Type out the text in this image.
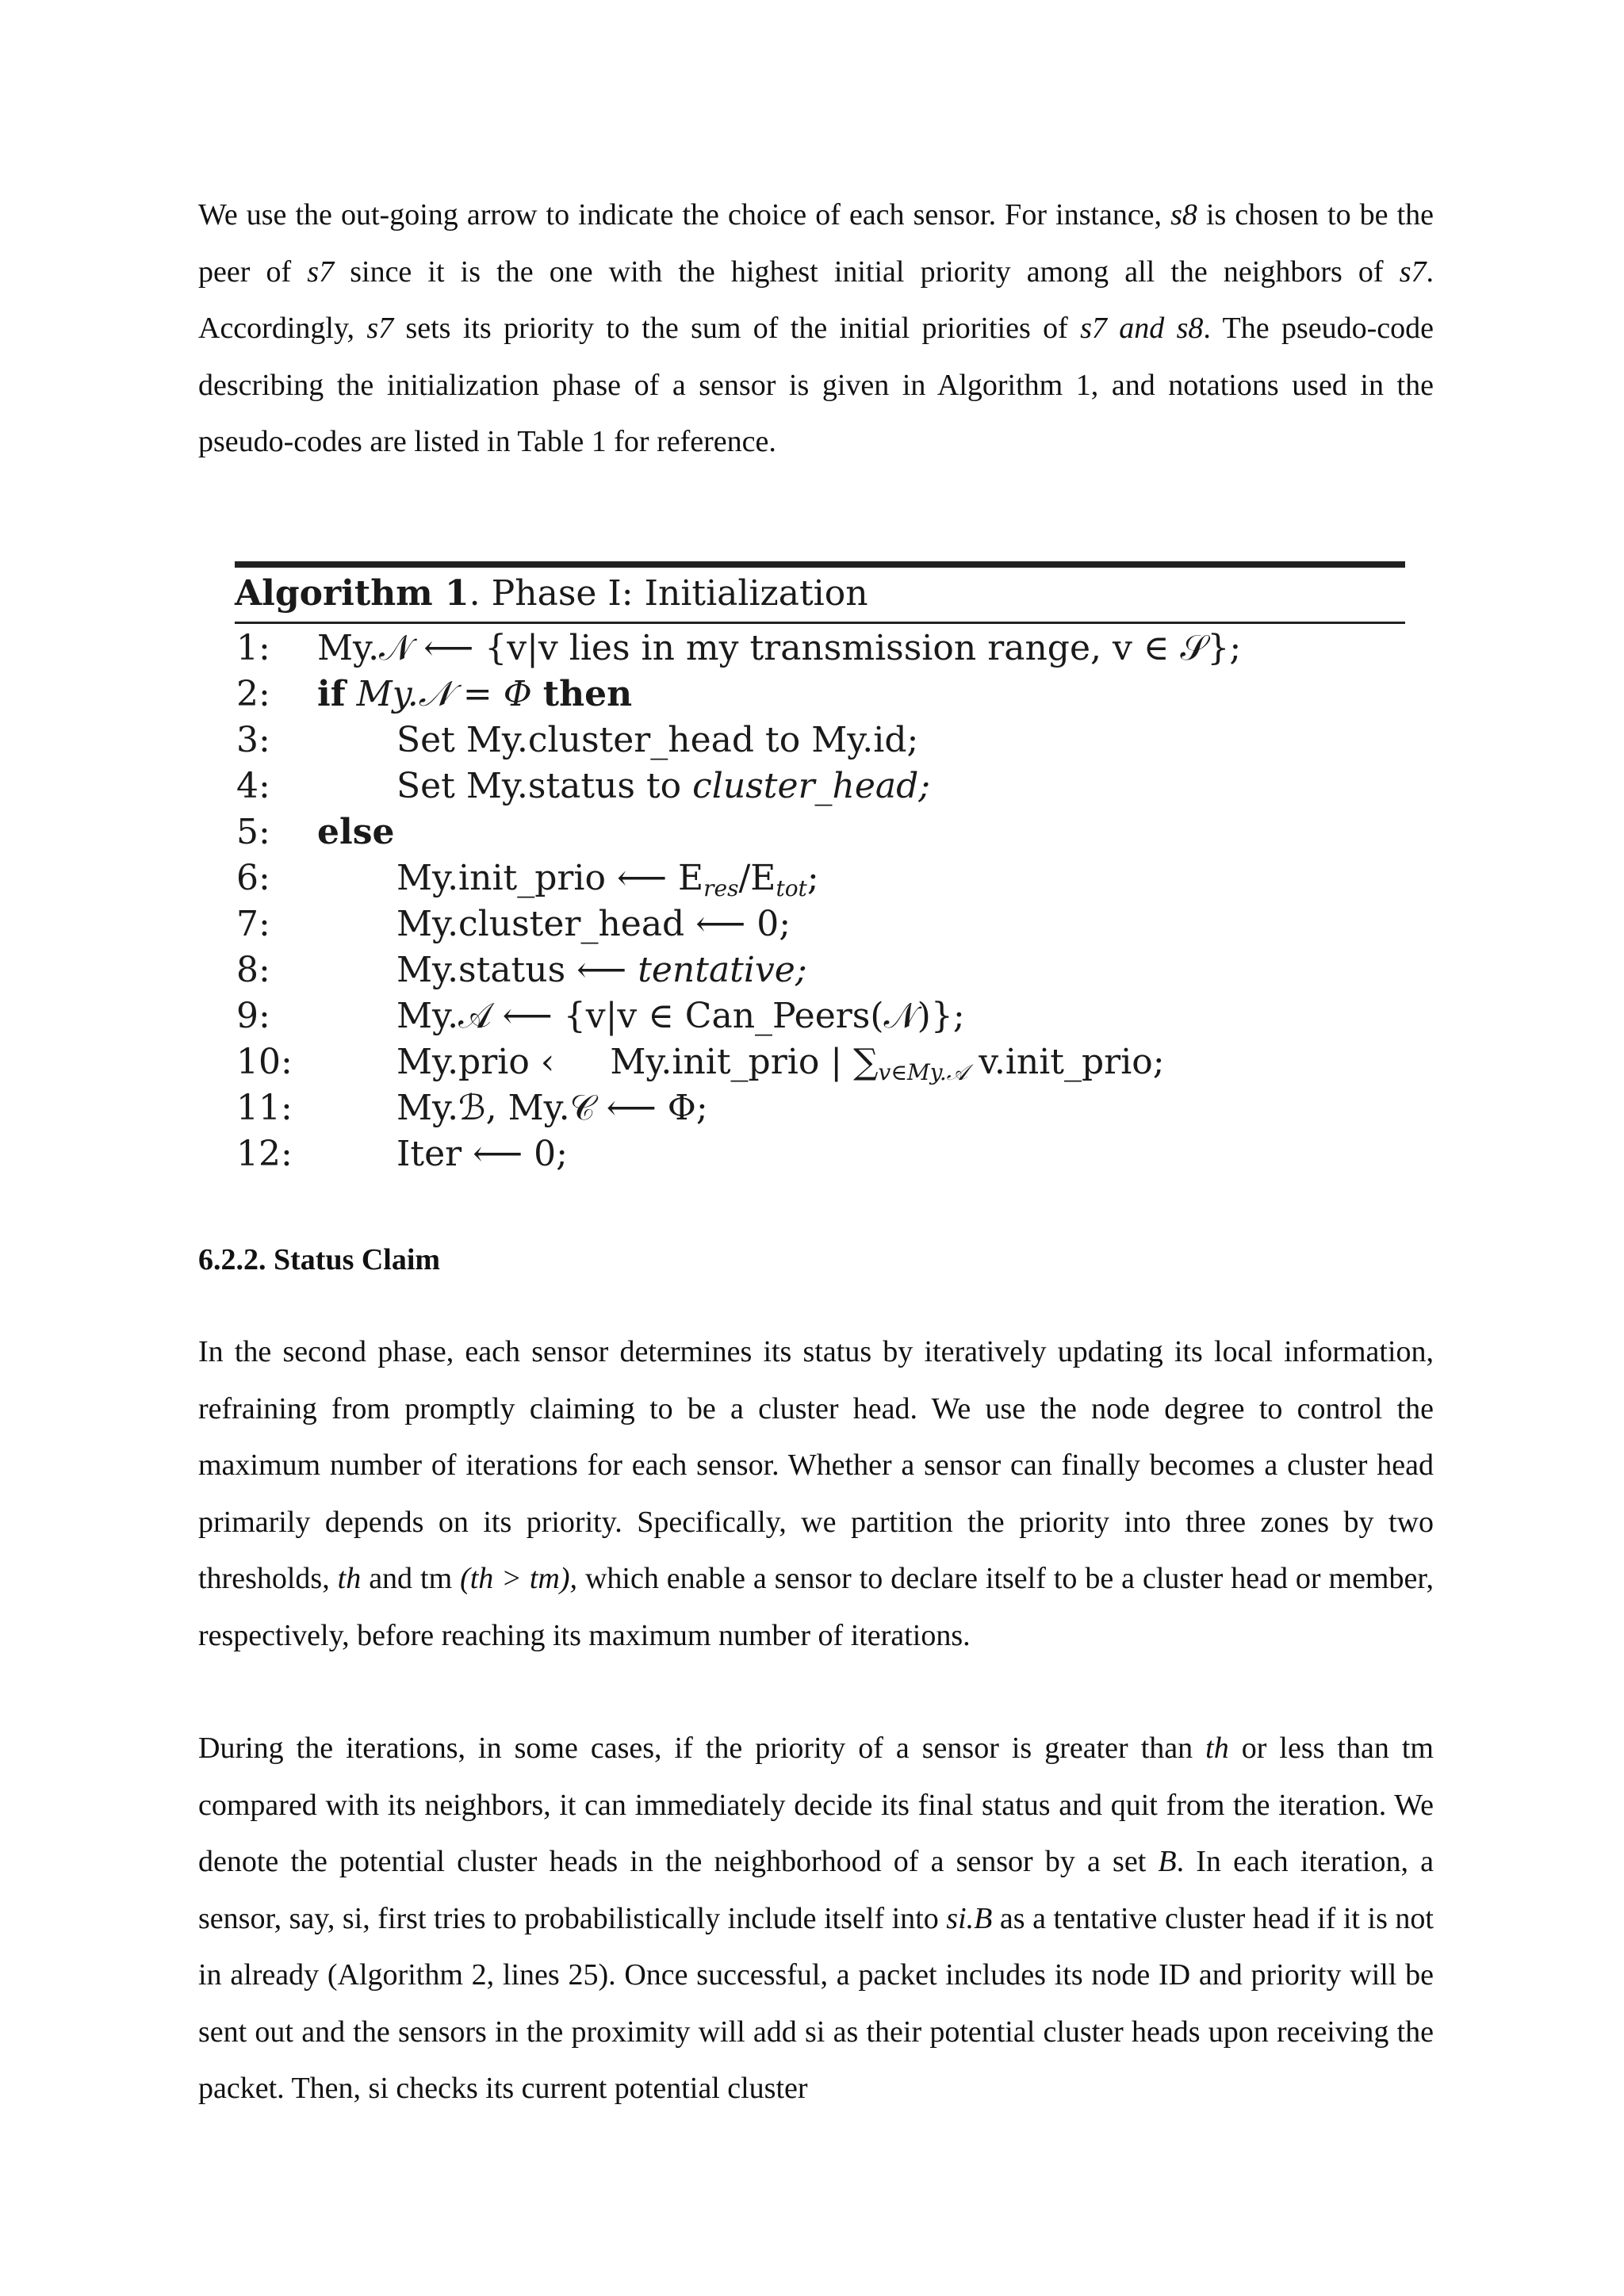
We use the out-going arrow to indicate the choice of each sensor. For instance, s8 is chosen to be the peer of s7 since it is the one with the highest initial priority among all the neighbors of s7. Accordingly, s7 sets its priority to the sum of the initial priorities of s7 and s8. The pseudo-code describing the initialization phase of a sensor is given in Algorithm 1, and notations used in the pseudo-codes are listed in Table 1 for reference.

Algorithm 1. Phase I: Initialization
1:	My.𝒩 ⟵ {v|v lies in my transmission range, v ∈ 𝒮};
2:	if My.𝒩 = Φ then
3:	Set My.cluster_head to My.id;
4:	Set My.status to cluster_head;
5:	else
6:	My.init_prio ⟵ $E_{res}/E_{tot}$;
7:	My.cluster_head ⟵ 0;
8:	My.status ⟵ tentative;
9:	My.𝒜 ⟵ {v|v ∈ Can_Peers(𝒩)};
10:	My.prio ‹     My.init_prio | $\sum_{v\in My.𝒜}$ v.init_prio;
11:	My.ℬ, My.𝒞 ⟵ Φ;
12:	Iter ⟵ 0;
6.2.2. Status Claim

In the second phase, each sensor determines its status by iteratively updating its local information, refraining from promptly claiming to be a cluster head. We use the node degree to control the maximum number of iterations for each sensor. Whether a sensor can finally becomes a cluster head primarily depends on its priority. Specifically, we partition the priority into three zones by two thresholds, th and tm (th > tm), which enable a sensor to declare itself to be a cluster head or member, respectively, before reaching its maximum number of iterations.

During the iterations, in some cases, if the priority of a sensor is greater than th or less than tm compared with its neighbors, it can immediately decide its final status and quit from the iteration. We denote the potential cluster heads in the neighborhood of a sensor by a set B. In each iteration, a sensor, say, si, first tries to probabilistically include itself into si.B as a tentative cluster head if it is not in already (Algorithm 2, lines 25). Once successful, a packet includes its node ID and priority will be sent out and the sensors in the proximity will add si as their potential cluster heads upon receiving the packet. Then, si checks its current potential cluster
